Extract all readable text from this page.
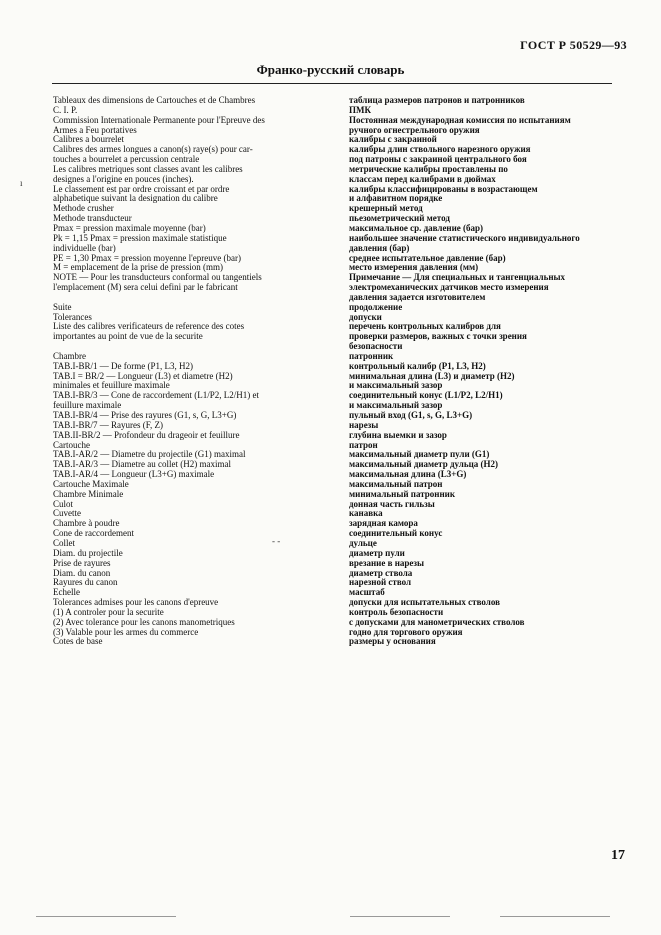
ГОСТ Р 50529—93
Франко-русский словарь
Tableaux des dimensions de Cartouches et de Chambres
C. I. P.
Commission Internationale Permanente pour l'Epreuve des
Armes a Feu portatives
Calibres a bourrelet
Calibres des armes longues a canon(s) raye(s) pour car-
touches a bourrelet a percussion centrale
Les calibres metriques sont classes avant les calibres
designes a l'origine en pouces (inches).
Le classement est par ordre croissant et par ordre
alphabetique suivant la designation du calibre
Methode crusher
Methode transducteur
Pmax = pression maximale moyenne (bar)
Pk = 1,15 Pmax = pression maximale statistique
individuelle (bar)
PE = 1,30 Pmax = pression moyenne l'epreuve (bar)
M = emplacement de la prise de pression (mm)
NOTE — Pour les transducteurs conformal ou tangentiels
l'emplacement (M) sera celui defini par le fabricant
Suite
Tolerances
Liste des calibres verificateurs de reference des cotes
importantes au point de vue de la securite
Chambre
TAB.I-BR/1 — De forme (P1, L3, H2)
TAB.I = BR/2 — Longueur (L3) et diametre (H2)
minimales et feuillure maximale
TAB.I-BR/3 — Cone de raccordement (L1/P2, L2/H1) et
feuillure maximale
TAB.I-BR/4 — Prise des rayures (G1, s, G, L3+G)
TAB.I-BR/7 — Rayures (F, Z)
TAB.II-BR/2 — Profondeur du drageoir et feuillure
Cartouche
TAB.I-AR/2 — Diametre du projectile (G1) maximal
TAB.I-AR/3 — Diametre au collet (H2) maximal
TAB.I-AR/4 — Longueur (L3+G) maximale
Cartouche Maximale
Chambre Minimale
Culot
Cuvette
Chambre à poudre
Cone de raccordement
Collet
Diam. du projectile
Prise de rayures
Diam. du canon
Rayures du canon
Echelle
Tolerances admises pour les canons d'epreuve
(1) A controler pour la securite
(2) Avec tolerance pour les canons manometriques
(3) Valable pour les armes du commerce
Cotes de base
таблица размеров патронов и патронников
ПМК
Постоянная международная комиссия по испытаниям
ручного огнестрельного оружия
калибры с закраиной
калибры длин ствольного нарезного оружия
под патроны с закраиной центрального боя
метрические калибры проставлены по
классам перед калибрами в дюймах
калибры классифицированы в возрастающем
и алфавитном порядке
крешерный метод
пьезометрический метод
максимальное ср. давление (бар)
наибольшее значение статистического индивидуального
давления (бар)
среднее испытательное давление (бар)
место измерения давления (мм)
Примечание — Для специальных и тангенциальных
электромеханических датчиков место измерения
давления задается изготовителем
продолжение
допуски
перечень контрольных калибров для
проверки размеров, важных с точки зрения
безопасности
патронник
контрольный калибр (P1, L3, H2)
минимальная длина (L3) и диаметр (H2)
и максимальный зазор
соединительный конус (L1/P2, L2/H1)
и максимальный зазор
пульный вход (G1, s, G, L3+G)
нарезы
глубина выемки и зазор
патрон
максимальный диаметр пули (G1)
максимальный диаметр дульца (H2)
максимальная длина (L3+G)
максимальный патрон
минимальный патронник
донная часть гильзы
канавка
зарядная камора
соединительный конус
дульце
диаметр пули
врезание в нарезы
диаметр ствола
нарезной ствол
масштаб
допуски для испытательных стволов
контроль безопасности
с допусками для манометрических стволов
годно для торгового оружия
размеры у основания
ı
- -
17
